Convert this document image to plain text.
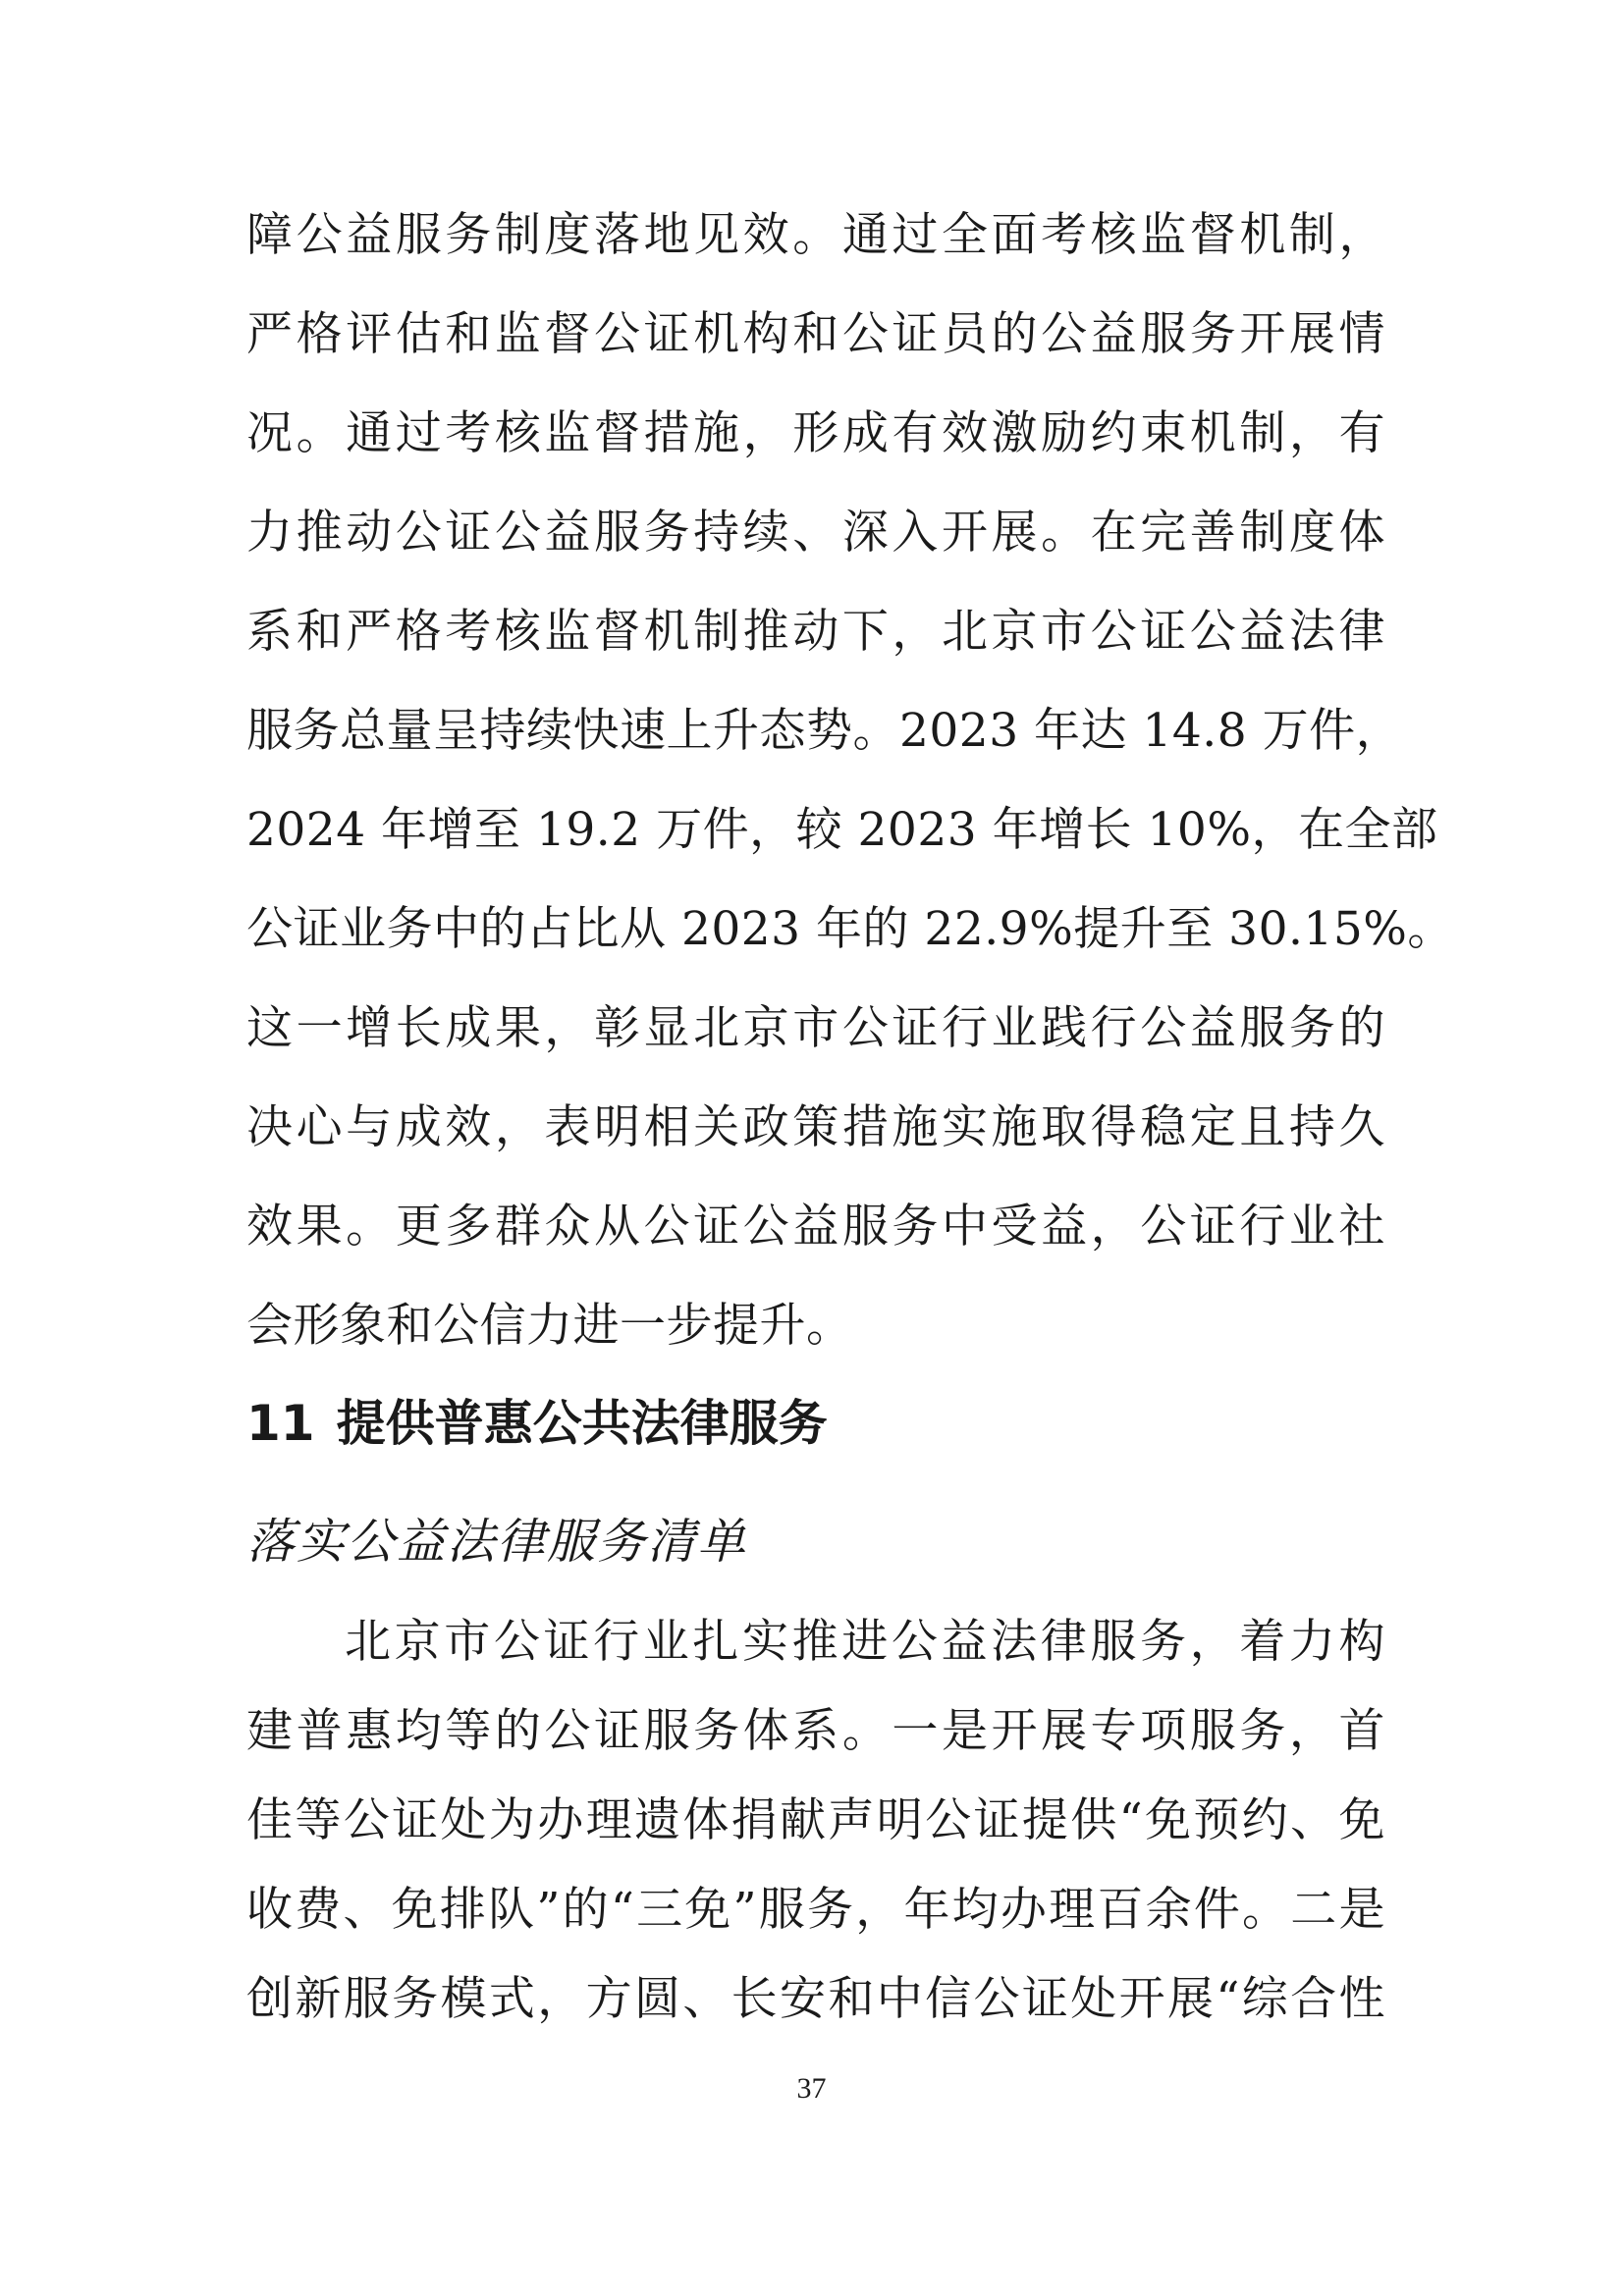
障公益服务制度落地见效。通过全面考核监督机制，
严格评估和监督公证机构和公证员的公益服务开展情
况。通过考核监督措施，形成有效激励约束机制，有
力推动公证公益服务持续、深入开展。在完善制度体
系和严格考核监督机制推动下，北京市公证公益法律
服务总量呈持续快速上升态势。2023 年达 14.8 万件，
2024 年增至 19.2 万件，较 2023 年增长 10%，在全部
公证业务中的占比从 2023 年的 22.9%提升至 30.15%。
这一增长成果，彰显北京市公证行业践行公益服务的
决心与成效，表明相关政策措施实施取得稳定且持久
效果。更多群众从公证公益服务中受益，公证行业社
会形象和公信力进一步提升。
11 提供普惠公共法律服务
落实公益法律服务清单
北京市公证行业扎实推进公益法律服务，着力构
建普惠均等的公证服务体系。一是开展专项服务，首
佳等公证处为办理遗体捐献声明公证提供“免预约、免
收费、免排队”的“三免”服务，年均办理百余件。二是
创新服务模式，方圆、长安和中信公证处开展“综合性
37
